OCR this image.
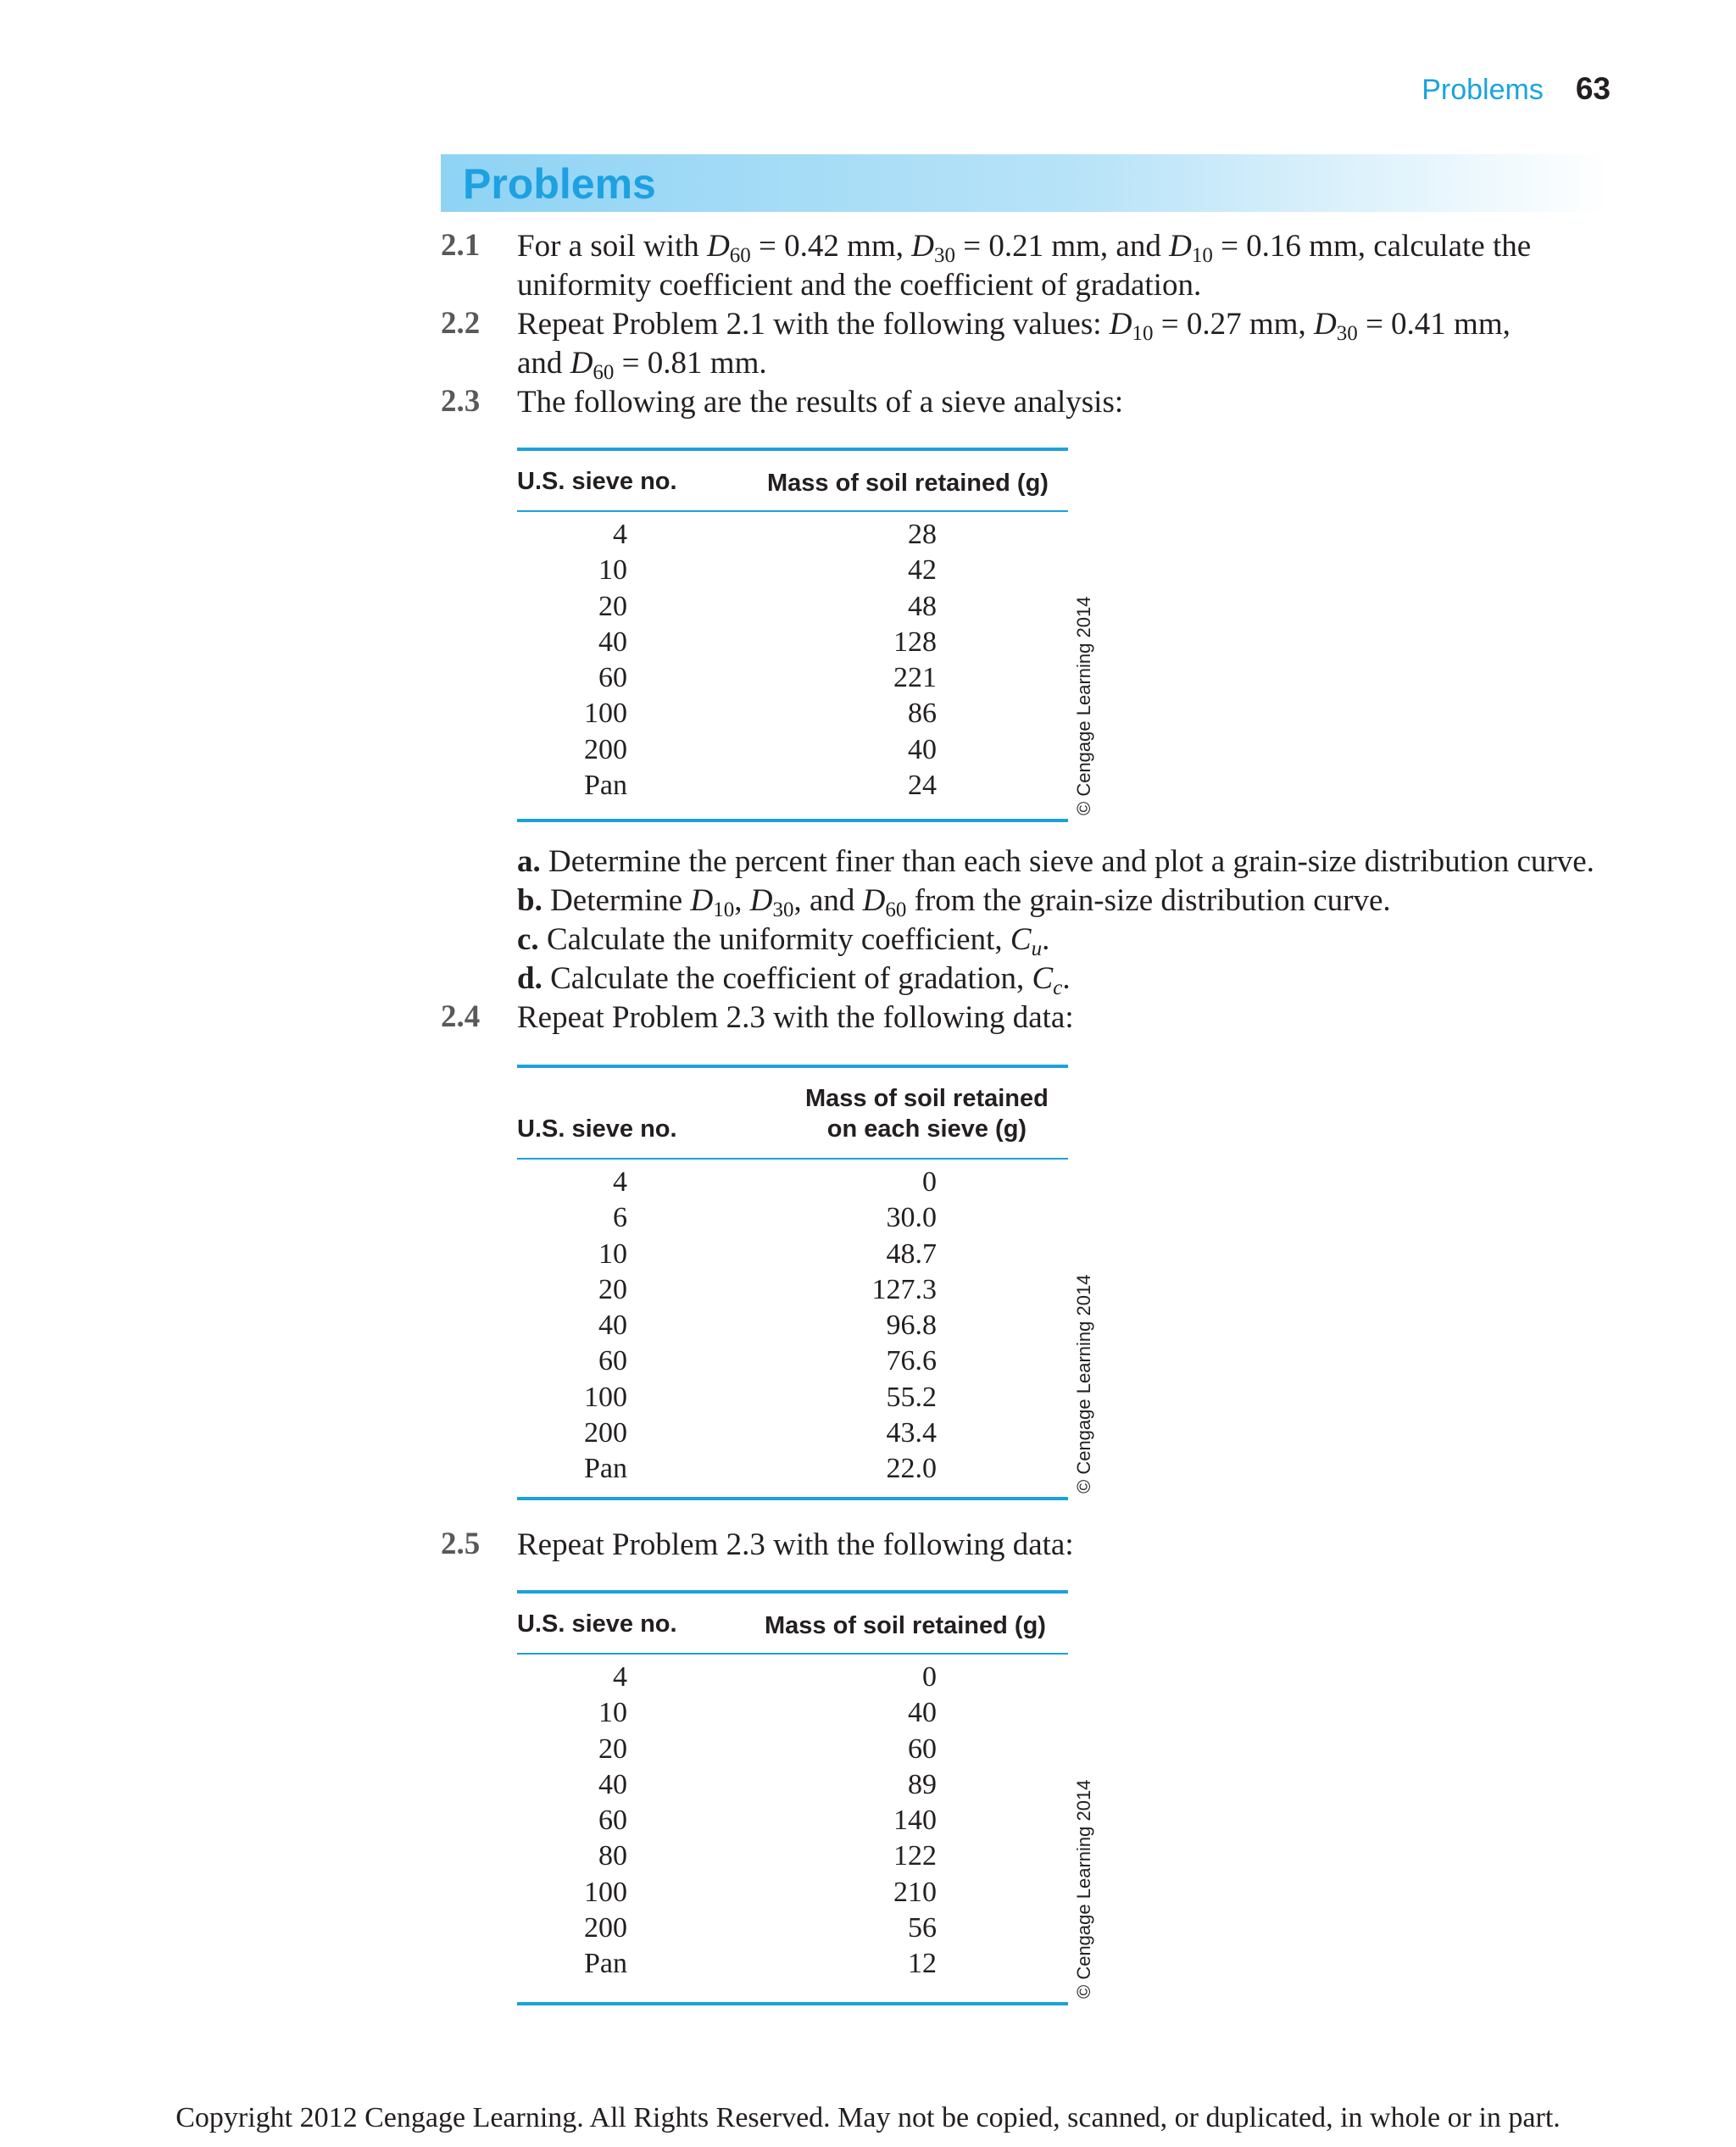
Problems 63
Problems
2.1 For a soil with $D_{60} = 0.42$ mm, $D_{30} = 0.21$ mm, and $D_{10} = 0.16$ mm, calculate the
uniformity coefficient and the coefficient of gradation.
2.2 Repeat Problem 2.1 with the following values: $D_{10} = 0.27$ mm, $D_{30} = 0.41$ mm,
and $D_{60} = 0.81$ mm.
2.3 The following are the results of a sieve analysis:
U.S. sieve no.	Mass of soil retained (g)
4	28
10	42
20	48
40	128
60	221
100	86
200	40
Pan	24	© Cengage Learning 2014
a. Determine the percent finer than each sieve and plot a grain-size distribution curve.
b. Determine $D_{10}$, $D_{30}$, and $D_{60}$ from the grain-size distribution curve.
c. Calculate the uniformity coefficient, $C_u$.
d. Calculate the coefficient of gradation, $C_c$.
2.4 Repeat Problem 2.3 with the following data:
U.S. sieve no.
Mass of soil retained
on each sieve (g)
4	0
6	30.0
10	48.7
20	127.3
40	96.8
60	76.6
100	55.2
200	43.4
Pan	22.0	© Cengage Learning 2014
2.5 Repeat Problem 2.3 with the following data:
U.S. sieve no.	Mass of soil retained (g)
4	0
10	40
20	60
40	89
60	140
80	122
100	210
200	56
Pan	12	© Cengage Learning 2014
Copyright 2012 Cengage Learning. All Rights Reserved. May not be copied, scanned, or duplicated, in whole or in part.
